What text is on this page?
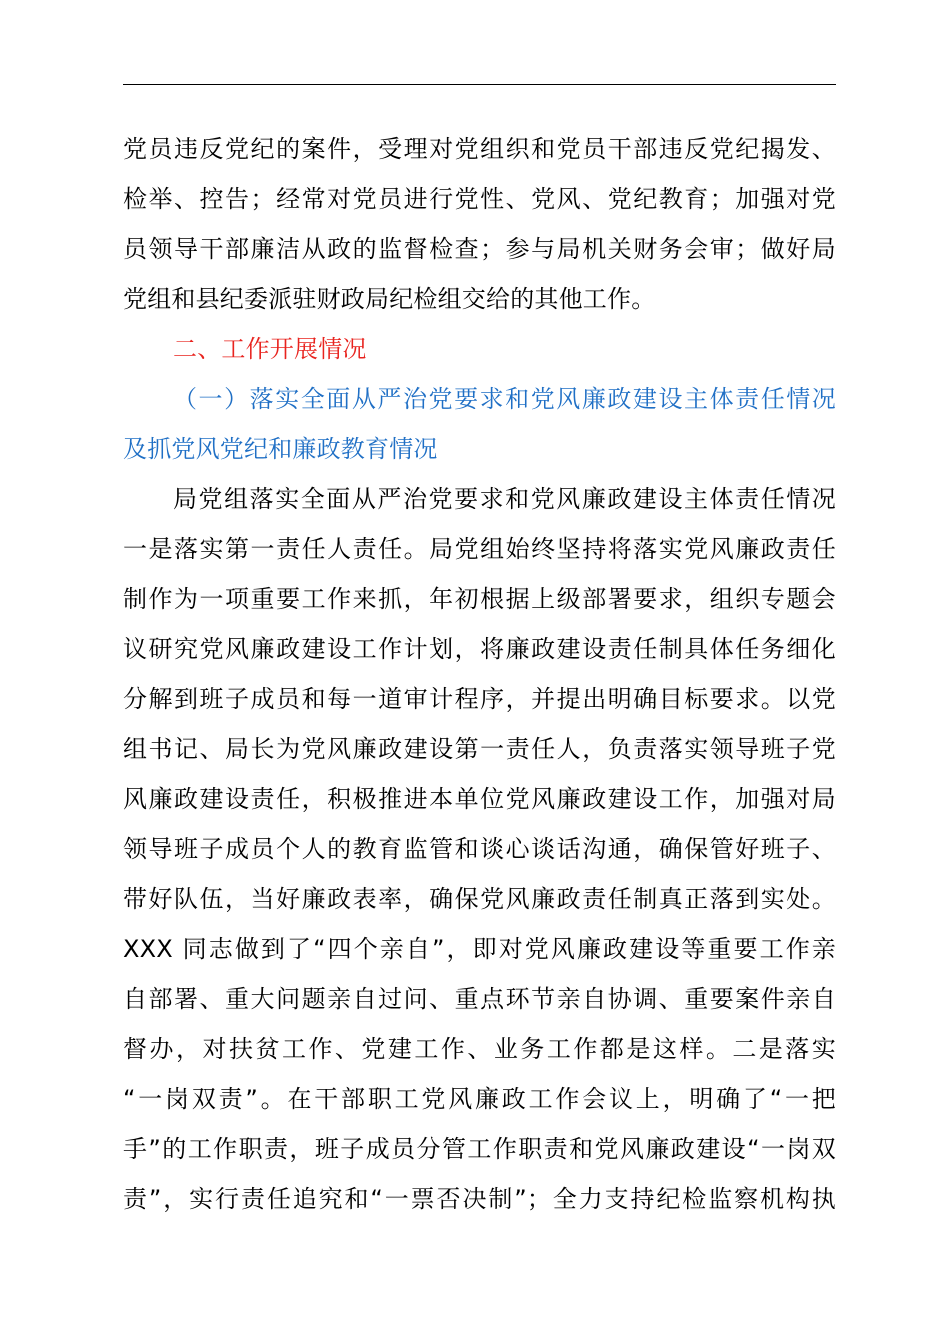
党员违反党纪的案件，受理对党组织和党员干部违反党纪揭发、
检举、控告；经常对党员进行党性、党风、党纪教育；加强对党
员领导干部廉洁从政的监督检查；参与局机关财务会审；做好局
党组和县纪委派驻财政局纪检组交给的其他工作。
二、工作开展情况
（一）落实全面从严治党要求和党风廉政建设主体责任情况
及抓党风党纪和廉政教育情况
局党组落实全面从严治党要求和党风廉政建设主体责任情况
一是落实第一责任人责任。局党组始终坚持将落实党风廉政责任
制作为一项重要工作来抓，年初根据上级部署要求，组织专题会
议研究党风廉政建设工作计划，将廉政建设责任制具体任务细化
分解到班子成员和每一道审计程序，并提出明确目标要求。以党
组书记、局长为党风廉政建设第一责任人，负责落实领导班子党
风廉政建设责任，积极推进本单位党风廉政建设工作，加强对局
领导班子成员个人的教育监管和谈心谈话沟通，确保管好班子、
带好队伍，当好廉政表率，确保党风廉政责任制真正落到实处。
XXX 同志做到了“四个亲自”，即对党风廉政建设等重要工作亲
自部署、重大问题亲自过问、重点环节亲自协调、重要案件亲自
督办，对扶贫工作、党建工作、业务工作都是这样。二是落实
“一岗双责”。在干部职工党风廉政工作会议上，明确了“一把
手”的工作职责，班子成员分管工作职责和党风廉政建设“一岗双
责”，实行责任追究和“一票否决制”；全力支持纪检监察机构执
